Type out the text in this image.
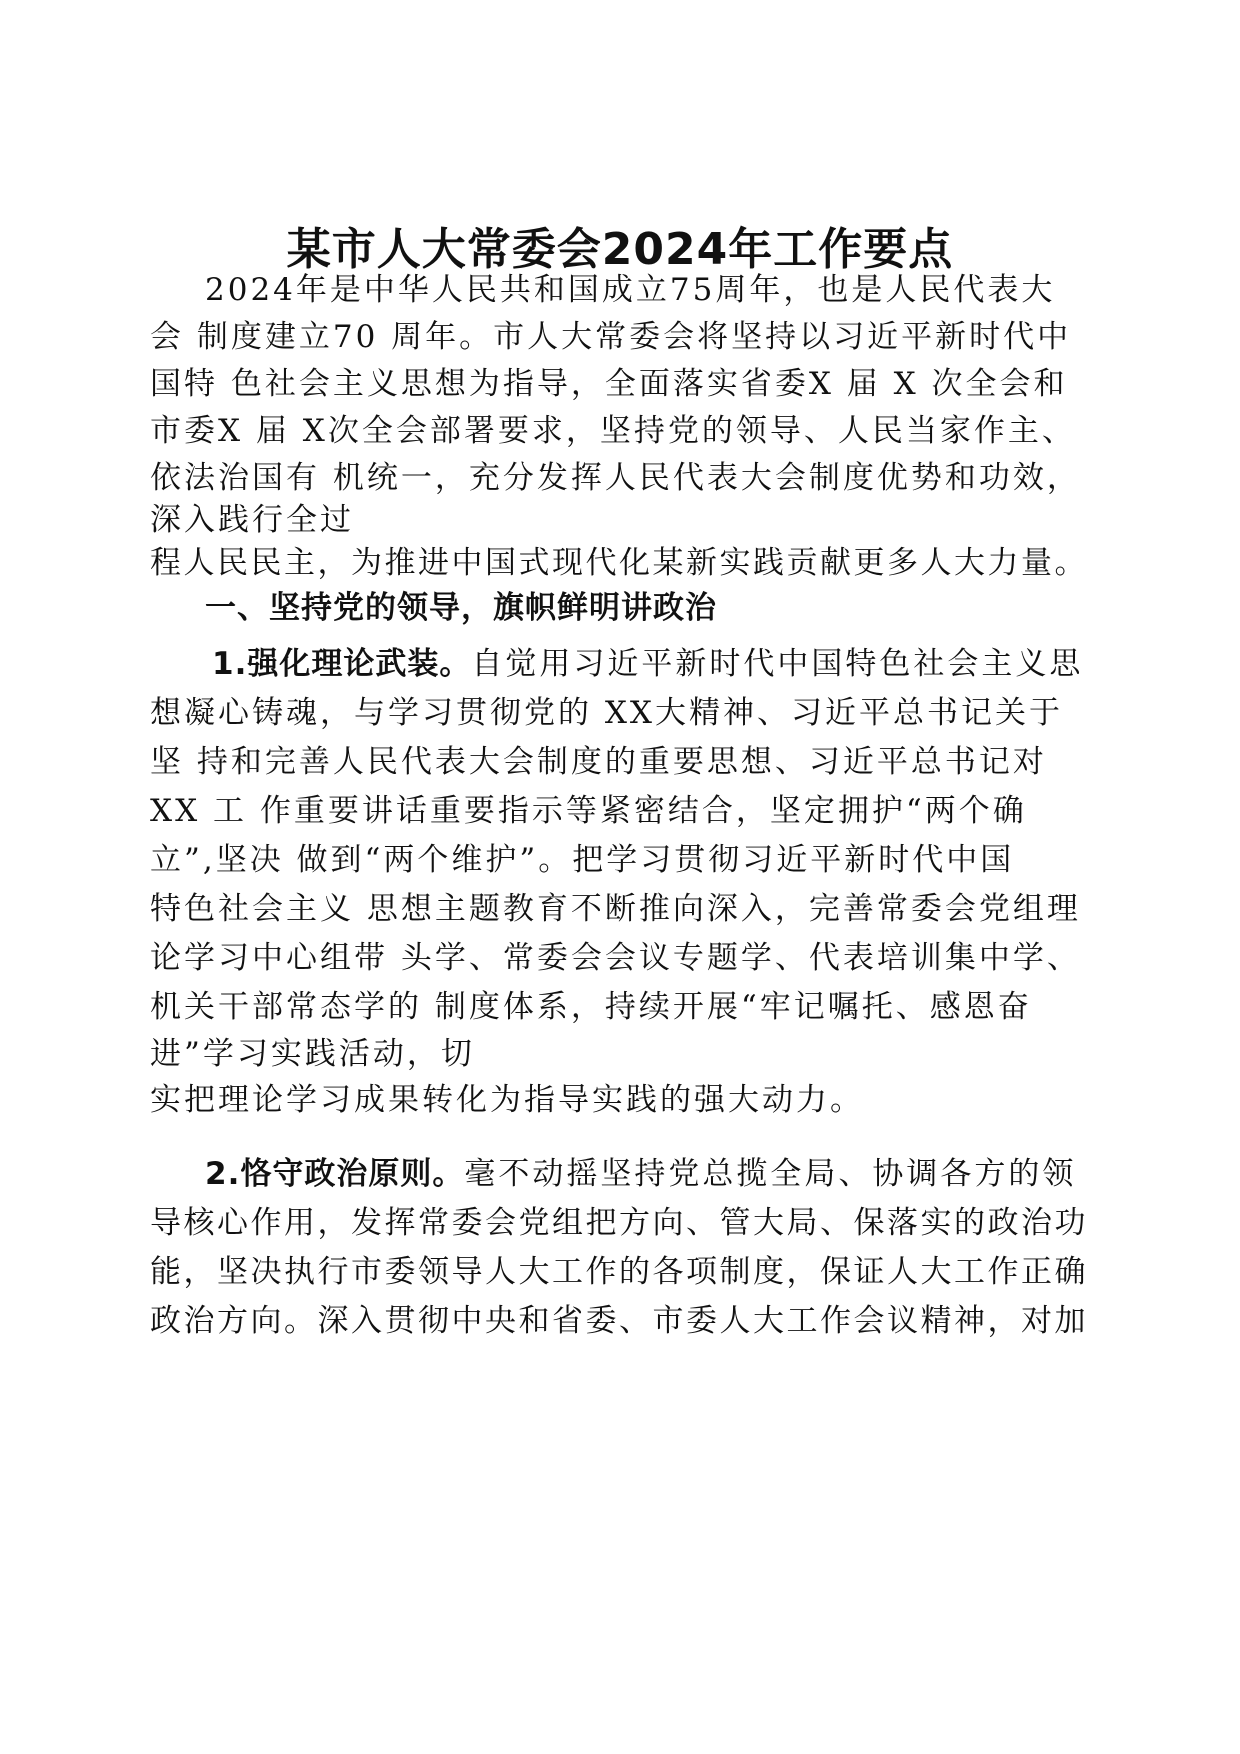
某市人大常委会2024年工作要点
2024年是中华人民共和国成立75周年，也是人民代表大
会 制度建立70 周年。市人大常委会将坚持以习近平新时代中
国特 色社会主义思想为指导，全面落实省委X 届 X 次全会和
市委X 届 X次全会部署要求，坚持党的领导、人民当家作主、
依法治国有 机统一，充分发挥人民代表大会制度优势和功效，
深入践行全过
程人民民主，为推进中国式现代化某新实践贡献更多人大力量。
一、坚持党的领导，旗帜鲜明讲政治
1.强化理论武装。自觉用习近平新时代中国特色社会主义思
想凝心铸魂，与学习贯彻党的 XX大精神、习近平总书记关于
坚 持和完善人民代表大会制度的重要思想、习近平总书记对
XX 工 作重要讲话重要指示等紧密结合，坚定拥护“两个确
立”,坚决 做到“两个维护”。把学习贯彻习近平新时代中国
特色社会主义 思想主题教育不断推向深入，完善常委会党组理
论学习中心组带 头学、常委会会议专题学、代表培训集中学、
机关干部常态学的 制度体系，持续开展“牢记嘱托、感恩奋
进”学习实践活动，切
实把理论学习成果转化为指导实践的强大动力。
2.恪守政治原则。毫不动摇坚持党总揽全局、协调各方的领
导核心作用，发挥常委会党组把方向、管大局、保落实的政治功
能，坚决执行市委领导人大工作的各项制度，保证人大工作正确
政治方向。深入贯彻中央和省委、市委人大工作会议精神，对加
